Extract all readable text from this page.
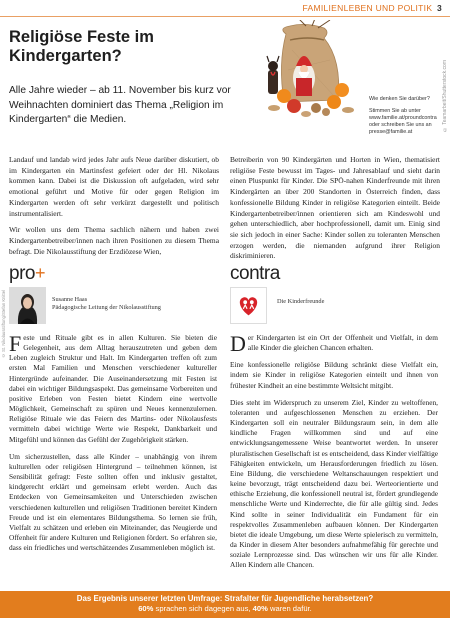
FAMILIENLEBEN UND POLITIK 3
Religiöse Feste im Kindergarten?
Alle Jahre wieder – ab 11. November bis kurz vor Weihnachten dominiert das Thema „Religion im Kindergarten“ die Medien.	© Teamarbeit/Shutterstock.com
Wie denken Sie darüber?
Stimmen Sie ab unter www.familie.at/proundcontra oder schreiben Sie uns an presse@familie.at

Landauf und landab wird jedes Jahr aufs Neue darüber diskutiert, ob im Kindergarten ein Martinsfest gefeiert oder der Hl. Nikolaus kommen kann. Dabei ist die Diskussion oft aufgeladen, wird sehr emotional geführt und Motive für oder gegen Religion im Kindergarten werden oft sehr verkürzt dargestellt und politisch instrumentalisiert.

Wir wollen uns dem Thema sachlich nähern und haben zwei Kindergartenbetreiber/innen nach ihren Positionen zu diesem Thema befragt. Die Nikolausstiftung der Erzdiözese Wien,

Betreiberin von 90 Kindergärten und Horten in Wien, thematisiert religiöse Feste bewusst im Tages- und Jahresablauf und sieht darin einen Pluspunkt für Kinder. Die SPÖ-nahen Kinderfreunde mit ihren Kindergärten an über 200 Standorten in Österreich finden, dass konfessionelle Bildung Kinder in religiöse Kategorien einteilt. Beide Kindergartenbetreiber/innen orientieren sich am Kindeswohl und gehen unterschiedlich, aber hochprofessionell, damit um. Einig sind sie sich jedoch in einer Sache: Kinder sollen zu toleranten Menschen erzogen werden, die niemanden aufgrund ihrer Religion diskriminieren.

pro+
© St. Nikolausstiftung/Stefan Knittel	Susanne Haas
Pädagogische Leitung der Nikolausstiftung

Feste und Rituale gibt es in allen Kulturen. Sie bieten die Gelegenheit, aus dem Alltag herauszutreten und geben dem Leben zugleich Struktur und Halt. Im Kindergarten treffen oft zum ersten Mal Familien und Menschen verschiedener kultureller Hintergründe aufeinander. Die Auseinandersetzung mit Festen ist dabei ein wichtiger Bildungsaspekt. Das gemeinsame Vorbereiten und positive Erleben von Festen bietet Kindern eine wertvolle Möglichkeit, Gemeinschaft zu spüren und Neues kennenzulernen. Religiöse Rituale wie das Feiern des Martins- oder Nikolausfests vermitteln dabei wichtige Werte wie Respekt, Dankbarkeit und Mitgefühl und können das Gefühl der Zugehörigkeit stärken.

Um sicherzustellen, dass alle Kinder – unabhängig von ihrem kulturellen oder religiösen Hintergrund – teilnehmen können, ist Sensibilität gefragt: Feste sollten offen und inklusiv gestaltet, kindgerecht erklärt und gemeinsam erlebt werden. Auch das Entdecken von Gemeinsamkeiten und Unterschieden zwischen verschiedenen kulturellen und religiösen Traditionen bereitet Kindern Freude und ist ein elementares Bildungsthema. So lernen sie früh, Vielfalt zu schätzen und erleben ein Miteinander, das Neugierde und Offenheit für andere Kulturen und Religionen fördert. So erfahren sie, dass ein friedliches und wertschätzendes Zusammenleben möglich ist.

contra
Die Kinderfreunde

Der Kindergarten ist ein Ort der Offenheit und Vielfalt, in dem alle Kinder die gleichen Chancen erhalten.

Eine konfessionelle religiöse Bildung schränkt diese Vielfalt ein, indem sie Kinder in religiöse Kategorien einteilt und ihnen von frühester Kindheit an eine bestimmte Weltsicht mitgibt.

Dies steht im Widerspruch zu unserem Ziel, Kinder zu weltoffenen, toleranten und aufgeschlossenen Menschen zu erziehen. Der Kindergarten soll ein neutraler Bildungsraum sein, in dem alle kindliche Fragen willkommen sind und auf eine entwicklungsangemessene Weise beantwortet werden. In unserer pluralistischen Gesellschaft ist es entscheidend, dass Kinder vielfältige Fähigkeiten entwickeln, um Herausforderungen friedlich zu lösen. Eine Bildung, die verschiedene Weltanschauungen respektiert und keine bevorzugt, trägt entscheidend dazu bei. Werteorientierte und ethische Erziehung, die konfessionell neutral ist, fördert grundlegende menschliche Werte und Kinderrechte, die für alle gültig sind. Jedes Kind sollte in seiner Individualität ein Fundament für ein respektvolles Zusammenleben aufbauen können. Der Kindergarten bietet die ideale Umgebung, um diese Werte spielerisch zu vermitteln, da Kinder in diesem Alter besonders aufnahmefähig für gerechte und soziale Lernprozesse sind. Das wünschen wir uns für alle Kinder. Allen Kindern alle Chancen.

Das Ergebnis unserer letzten Umfrage: Strafalter für Jugendliche herabsetzen?
60% sprachen sich dagegen aus, 40% waren dafür.
